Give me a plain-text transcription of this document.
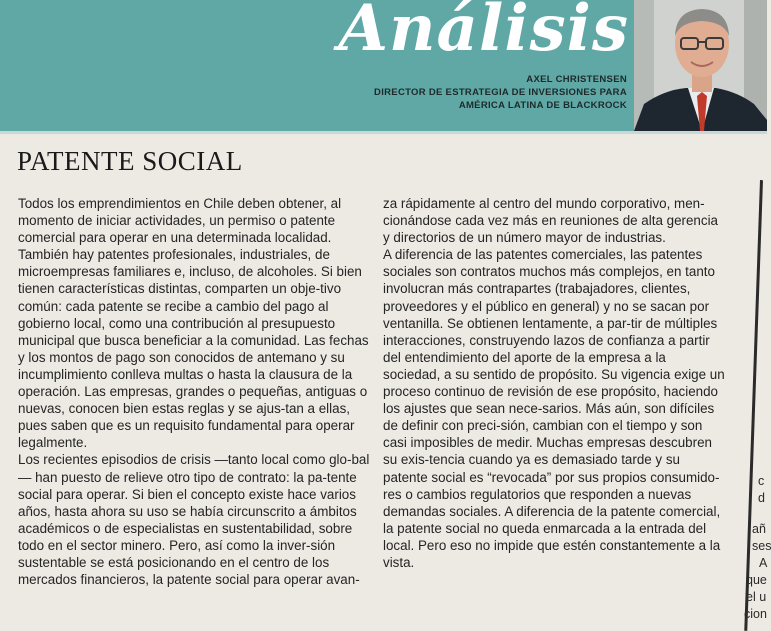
Análisis
AXEL CHRISTENSEN
DIRECTOR DE ESTRATEGIA DE INVERSIONES PARA
AMÉRICA LATINA DE BLACKROCK
PATENTE SOCIAL

Todos los emprendimientos en Chile deben obtener, al momento de iniciar actividades, un permiso o patente comercial para operar en una determinada localidad. También hay patentes profesionales, industriales, de microempresas familiares e, incluso, de alcoholes. Si bien tienen características distintas, comparten un obje-tivo común: cada patente se recibe a cambio del pago al gobierno local, como una contribución al presupuesto municipal que busca beneficiar a la comunidad. Las fechas y los montos de pago son conocidos de antemano y su incumplimiento conlleva multas o hasta la clausura de la operación. Las empresas, grandes o pequeñas, antiguas o nuevas, conocen bien estas reglas y se ajus-tan a ellas, pues saben que es un requisito fundamental para operar legalmente.

Los recientes episodios de crisis —tanto local como glo-bal— han puesto de relieve otro tipo de contrato: la pa-tente social para operar. Si bien el concepto existe hace varios años, hasta ahora su uso se había circunscrito a ámbitos académicos o de especialistas en sustentabilidad, sobre todo en el sector minero. Pero, así como la inver-sión sustentable se está posicionando en el centro de los mercados financieros, la patente social para operar avan-

za rápidamente al centro del mundo corporativo, men-cionándose cada vez más en reuniones de alta gerencia y directorios de un número mayor de industrias.

A diferencia de las patentes comerciales, las patentes sociales son contratos muchos más complejos, en tanto involucran más contrapartes (trabajadores, clientes, proveedores y el público en general) y no se sacan por ventanilla. Se obtienen lentamente, a par-tir de múltiples interacciones, construyendo lazos de confianza a partir del entendimiento del aporte de la empresa a la sociedad, a su sentido de propósito. Su vigencia exige un proceso continuo de revisión de ese propósito, haciendo los ajustes que sean nece-sarios. Más aún, son difíciles de definir con preci-sión, cambian con el tiempo y son casi imposibles de medir. Muchas empresas descubren su exis-tencia cuando ya es demasiado tarde y su patente social es “revocada” por sus propios consumido-res o cambios regulatorios que responden a nuevas demandas sociales. A diferencia de la patente comercial, la patente social no queda enmarcada a la entrada del local. Pero eso no impide que estén constantemente a la vista.

c
d
añ
ses
A
que
el u
cion
